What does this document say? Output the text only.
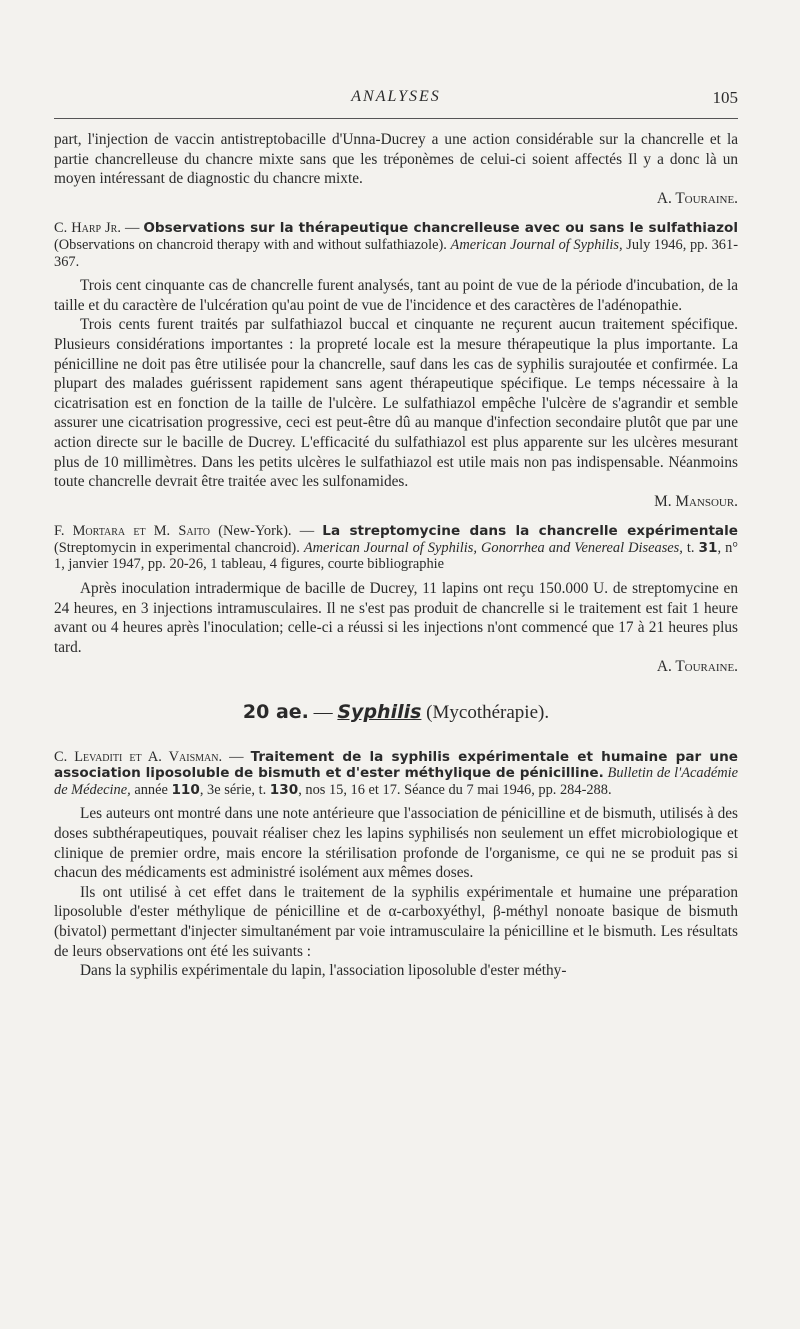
ANALYSES	105

part, l'injection de vaccin antistreptobacille d'Unna-Ducrey a une action considérable sur la chancrelle et la partie chancrelleuse du chancre mixte sans que les tréponèmes de celui-ci soient affectés Il y a donc là un moyen intéressant de diagnostic du chancre mixte.

A. Touraine.

C. Harp Jr. — Observations sur la thérapeutique chancrelleuse avec ou sans le sulfathiazol (Observations on chancroid therapy with and without sulfathiazole). American Journal of Syphilis, July 1946, pp. 361-367.

Trois cent cinquante cas de chancrelle furent analysés, tant au point de vue de la période d'incubation, de la taille et du caractère de l'ulcération qu'au point de vue de l'incidence et des caractères de l'adénopathie.

Trois cents furent traités par sulfathiazol buccal et cinquante ne reçurent aucun traitement spécifique. Plusieurs considérations importantes : la propreté locale est la mesure thérapeutique la plus importante. La pénicilline ne doit pas être utilisée pour la chancrelle, sauf dans les cas de syphilis surajoutée et confirmée. La plupart des malades guérissent rapidement sans agent thérapeutique spécifique. Le temps nécessaire à la cicatrisation est en fonction de la taille de l'ulcère. Le sulfathiazol empêche l'ulcère de s'agrandir et semble assurer une cicatrisation progressive, ceci est peut-être dû au manque d'infection secondaire plutôt que par une action directe sur le bacille de Ducrey. L'efficacité du sulfathiazol est plus apparente sur les ulcères mesurant plus de 10 millimètres. Dans les petits ulcères le sulfathiazol est utile mais non pas indispensable. Néanmoins toute chancrelle devrait être traitée avec les sulfonamides.

M. Mansour.

F. Mortara et M. Saito (New-York). — La streptomycine dans la chancrelle expérimentale (Streptomycin in experimental chancroid). American Journal of Syphilis, Gonorrhea and Venereal Diseases, t. 31, n° 1, janvier 1947, pp. 20-26, 1 tableau, 4 figures, courte bibliographie

Après inoculation intradermique de bacille de Ducrey, 11 lapins ont reçu 150.000 U. de streptomycine en 24 heures, en 3 injections intramusculaires. Il ne s'est pas produit de chancrelle si le traitement est fait 1 heure avant ou 4 heures après l'inoculation; celle-ci a réussi si les injections n'ont commencé que 17 à 21 heures plus tard.

A. Touraine.

20 ae. — Syphilis (Mycothérapie).

C. Levaditi et A. Vaisman. — Traitement de la syphilis expérimentale et humaine par une association liposoluble de bismuth et d'ester méthylique de pénicilline. Bulletin de l'Académie de Médecine, année 110, 3e série, t. 130, nos 15, 16 et 17. Séance du 7 mai 1946, pp. 284-288.

Les auteurs ont montré dans une note antérieure que l'association de pénicilline et de bismuth, utilisés à des doses subthérapeutiques, pouvait réaliser chez les lapins syphilisés non seulement un effet microbiologique et clinique de premier ordre, mais encore la stérilisation profonde de l'organisme, ce qui ne se produit pas si chacun des médicaments est administré isolément aux mêmes doses.

Ils ont utilisé à cet effet dans le traitement de la syphilis expérimentale et humaine une préparation liposoluble d'ester méthylique de pénicilline et de α-carboxyéthyl, β-méthyl nonoate basique de bismuth (bivatol) permettant d'injecter simultanément par voie intramusculaire la pénicilline et le bismuth. Les résultats de leurs observations ont été les suivants :

Dans la syphilis expérimentale du lapin, l'association liposoluble d'ester méthy-
